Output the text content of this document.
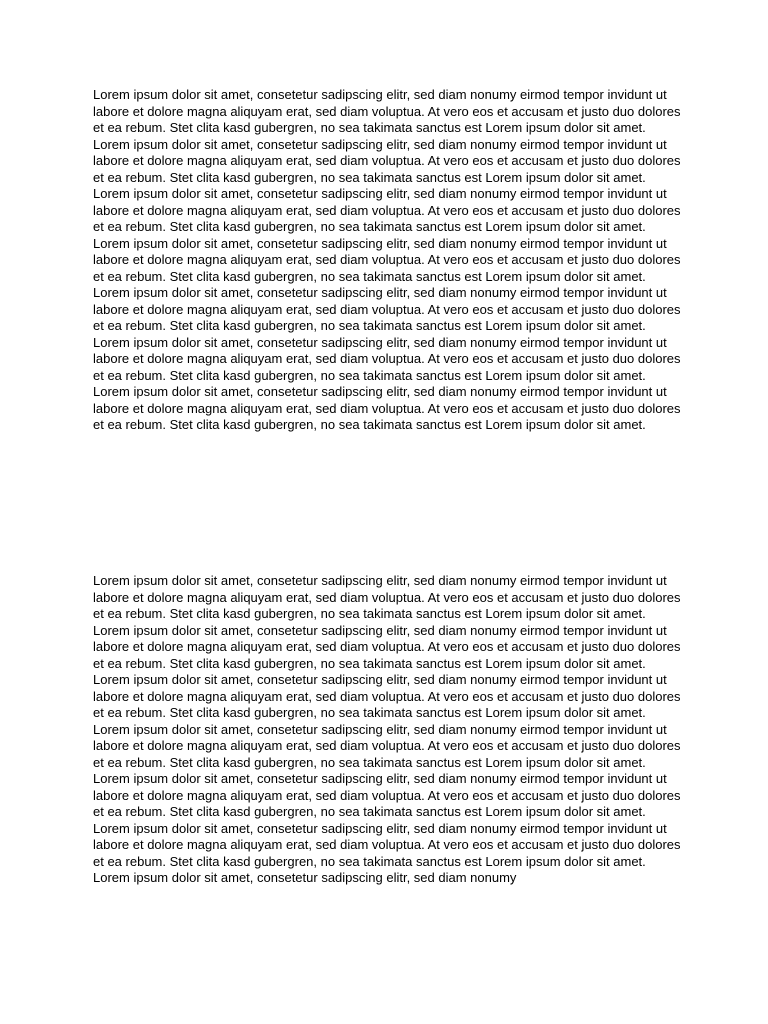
Lorem ipsum dolor sit amet, consetetur sadipscing elitr, sed diam nonumy eirmod tempor invidunt ut labore et dolore magna aliquyam erat, sed diam voluptua. At vero eos et accusam et justo duo dolores et ea rebum. Stet clita kasd gubergren, no sea takimata sanctus est Lorem ipsum dolor sit amet. Lorem ipsum dolor sit amet, consetetur sadipscing elitr, sed diam nonumy eirmod tempor invidunt ut labore et dolore magna aliquyam erat, sed diam voluptua. At vero eos et accusam et justo duo dolores et ea rebum. Stet clita kasd gubergren, no sea takimata sanctus est Lorem ipsum dolor sit amet. Lorem ipsum dolor sit amet, consetetur sadipscing elitr, sed diam nonumy eirmod tempor invidunt ut labore et dolore magna aliquyam erat, sed diam voluptua. At vero eos et accusam et justo duo dolores et ea rebum. Stet clita kasd gubergren, no sea takimata sanctus est Lorem ipsum dolor sit amet. Lorem ipsum dolor sit amet, consetetur sadipscing elitr, sed diam nonumy eirmod tempor invidunt ut labore et dolore magna aliquyam erat, sed diam voluptua. At vero eos et accusam et justo duo dolores et ea rebum. Stet clita kasd gubergren, no sea takimata sanctus est Lorem ipsum dolor sit amet. Lorem ipsum dolor sit amet, consetetur sadipscing elitr, sed diam nonumy eirmod tempor invidunt ut labore et dolore magna aliquyam erat, sed diam voluptua. At vero eos et accusam et justo duo dolores et ea rebum. Stet clita kasd gubergren, no sea takimata sanctus est Lorem ipsum dolor sit amet. Lorem ipsum dolor sit amet, consetetur sadipscing elitr, sed diam nonumy eirmod tempor invidunt ut labore et dolore magna aliquyam erat, sed diam voluptua. At vero eos et accusam et justo duo dolores et ea rebum. Stet clita kasd gubergren, no sea takimata sanctus est Lorem ipsum dolor sit amet. Lorem ipsum dolor sit amet, consetetur sadipscing elitr, sed diam nonumy eirmod tempor invidunt ut labore et dolore magna aliquyam erat, sed diam voluptua. At vero eos et accusam et justo duo dolores et ea rebum. Stet clita kasd gubergren, no sea takimata sanctus est Lorem ipsum dolor sit amet.

Lorem ipsum dolor sit amet, consetetur sadipscing elitr, sed diam nonumy eirmod tempor invidunt ut labore et dolore magna aliquyam erat, sed diam voluptua. At vero eos et accusam et justo duo dolores et ea rebum. Stet clita kasd gubergren, no sea takimata sanctus est Lorem ipsum dolor sit amet. Lorem ipsum dolor sit amet, consetetur sadipscing elitr, sed diam nonumy eirmod tempor invidunt ut labore et dolore magna aliquyam erat, sed diam voluptua. At vero eos et accusam et justo duo dolores et ea rebum. Stet clita kasd gubergren, no sea takimata sanctus est Lorem ipsum dolor sit amet. Lorem ipsum dolor sit amet, consetetur sadipscing elitr, sed diam nonumy eirmod tempor invidunt ut labore et dolore magna aliquyam erat, sed diam voluptua. At vero eos et accusam et justo duo dolores et ea rebum. Stet clita kasd gubergren, no sea takimata sanctus est Lorem ipsum dolor sit amet. Lorem ipsum dolor sit amet, consetetur sadipscing elitr, sed diam nonumy eirmod tempor invidunt ut labore et dolore magna aliquyam erat, sed diam voluptua. At vero eos et accusam et justo duo dolores et ea rebum. Stet clita kasd gubergren, no sea takimata sanctus est Lorem ipsum dolor sit amet. Lorem ipsum dolor sit amet, consetetur sadipscing elitr, sed diam nonumy eirmod tempor invidunt ut labore et dolore magna aliquyam erat, sed diam voluptua. At vero eos et accusam et justo duo dolores et ea rebum. Stet clita kasd gubergren, no sea takimata sanctus est Lorem ipsum dolor sit amet. Lorem ipsum dolor sit amet, consetetur sadipscing elitr, sed diam nonumy eirmod tempor invidunt ut labore et dolore magna aliquyam erat, sed diam voluptua. At vero eos et accusam et justo duo dolores et ea rebum. Stet clita kasd gubergren, no sea takimata sanctus est Lorem ipsum dolor sit amet. Lorem ipsum dolor sit amet, consetetur sadipscing elitr, sed diam nonumy
